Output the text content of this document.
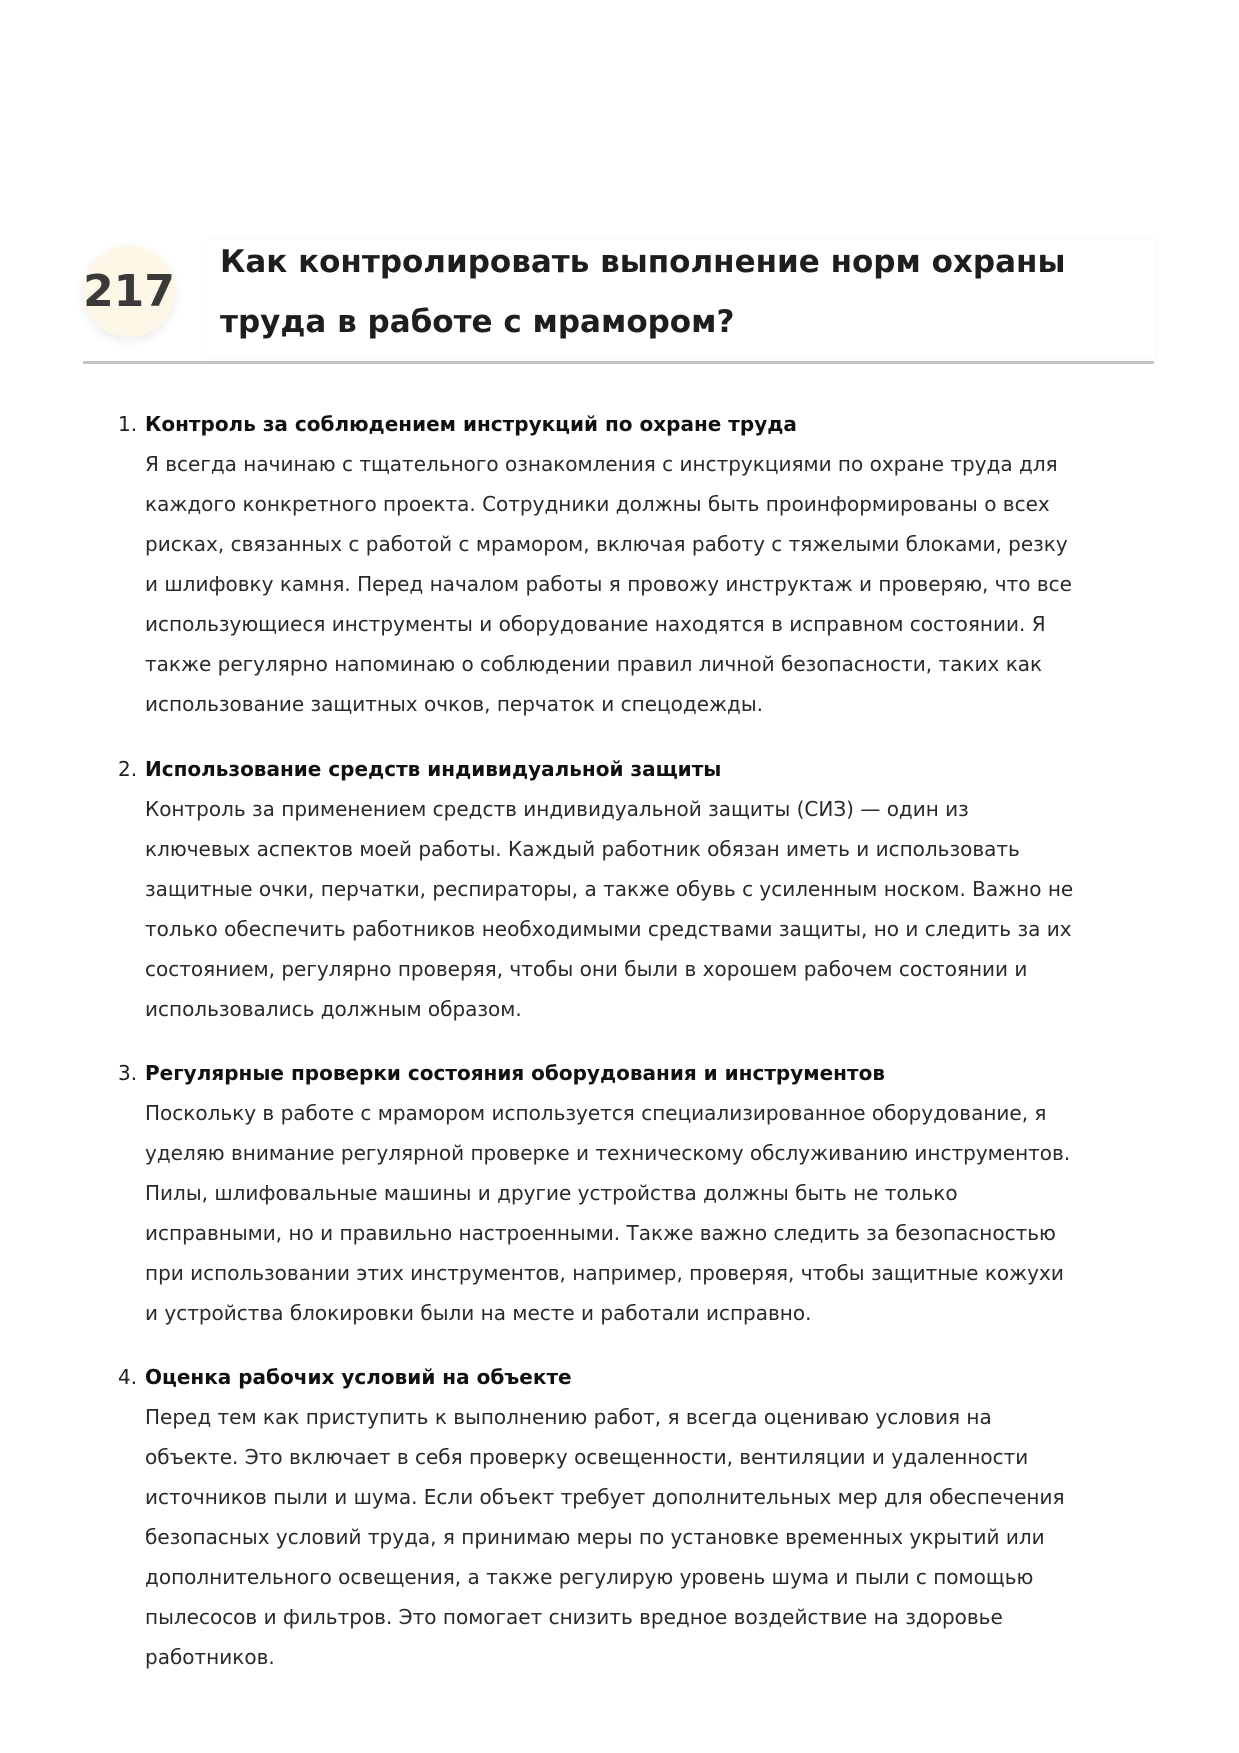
217
Как контролировать выполнение норм охраны
труда в работе с мрамором?
1. Контроль за соблюдением инструкций по охране труда
Я всегда начинаю с тщательного ознакомления с инструкциями по охране труда для
каждого конкретного проекта. Сотрудники должны быть проинформированы о всех
рисках, связанных с работой с мрамором, включая работу с тяжелыми блоками, резку
и шлифовку камня. Перед началом работы я провожу инструктаж и проверяю, что все
использующиеся инструменты и оборудование находятся в исправном состоянии. Я
также регулярно напоминаю о соблюдении правил личной безопасности, таких как
использование защитных очков, перчаток и спецодежды.
2. Использование средств индивидуальной защиты
Контроль за применением средств индивидуальной защиты (СИЗ) — один из
ключевых аспектов моей работы. Каждый работник обязан иметь и использовать
защитные очки, перчатки, респираторы, а также обувь с усиленным носком. Важно не
только обеспечить работников необходимыми средствами защиты, но и следить за их
состоянием, регулярно проверяя, чтобы они были в хорошем рабочем состоянии и
использовались должным образом.
3. Регулярные проверки состояния оборудования и инструментов
Поскольку в работе с мрамором используется специализированное оборудование, я
уделяю внимание регулярной проверке и техническому обслуживанию инструментов.
Пилы, шлифовальные машины и другие устройства должны быть не только
исправными, но и правильно настроенными. Также важно следить за безопасностью
при использовании этих инструментов, например, проверяя, чтобы защитные кожухи
и устройства блокировки были на месте и работали исправно.
4. Оценка рабочих условий на объекте
Перед тем как приступить к выполнению работ, я всегда оцениваю условия на
объекте. Это включает в себя проверку освещенности, вентиляции и удаленности
источников пыли и шума. Если объект требует дополнительных мер для обеспечения
безопасных условий труда, я принимаю меры по установке временных укрытий или
дополнительного освещения, а также регулирую уровень шума и пыли с помощью
пылесосов и фильтров. Это помогает снизить вредное воздействие на здоровье
работников.
